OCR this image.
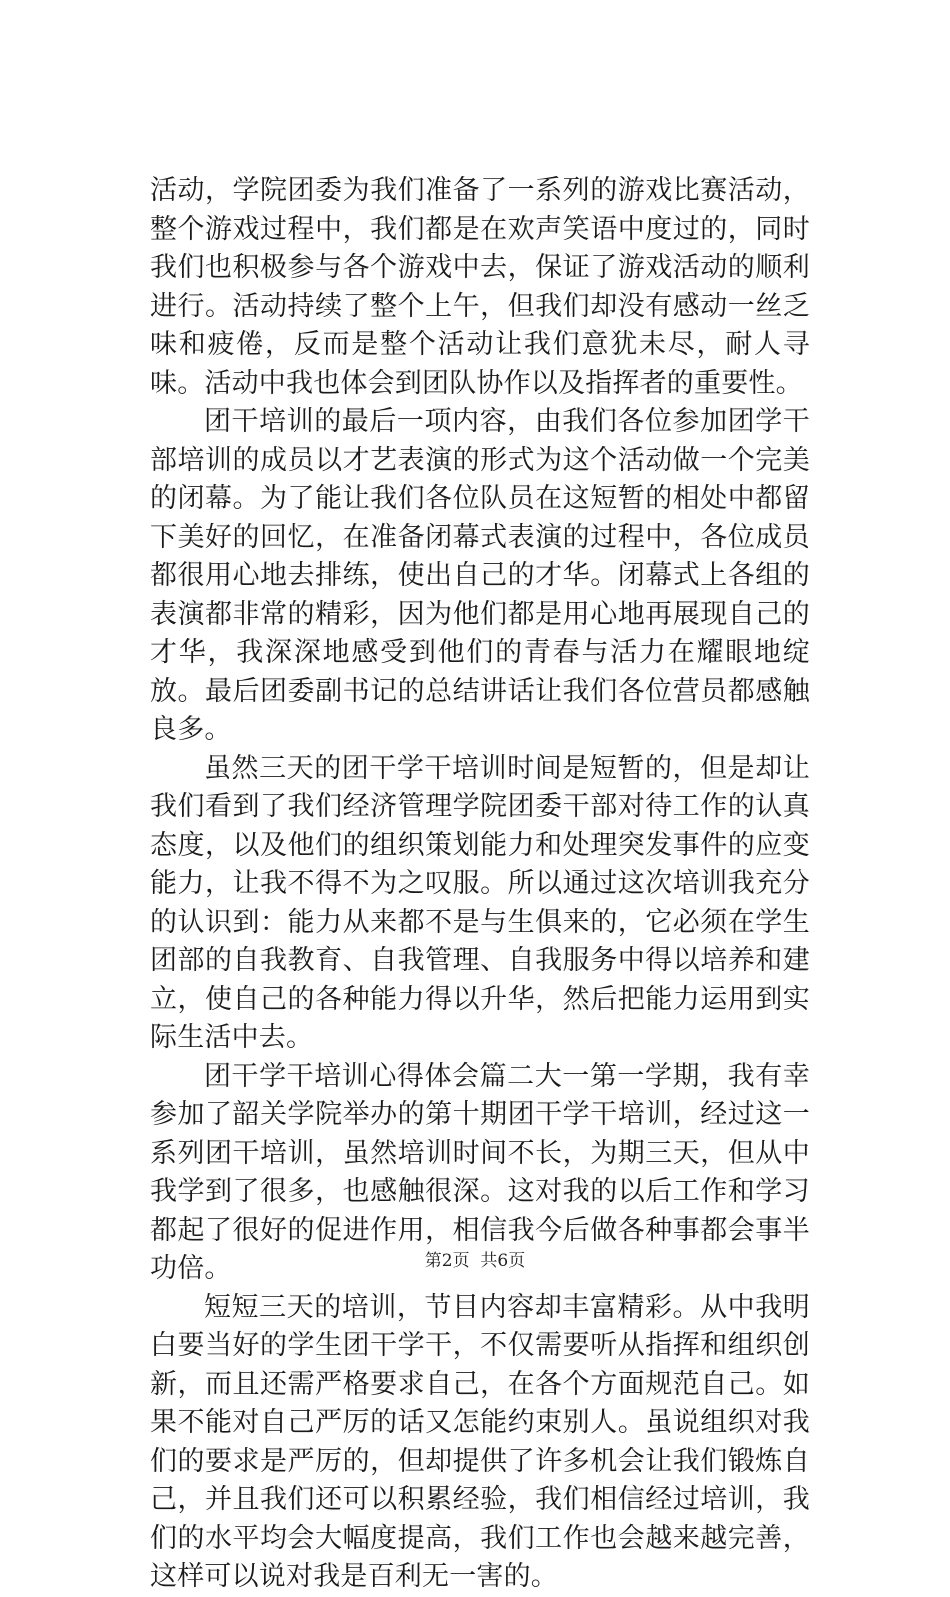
活动，学院团委为我们准备了一系列的游戏比赛活动，整个游戏过程中，我们都是在欢声笑语中度过的，同时我们也积极参与各个游戏中去，保证了游戏活动的顺利进行。活动持续了整个上午，但我们却没有感动一丝乏味和疲倦，反而是整个活动让我们意犹未尽，耐人寻味。活动中我也体会到团队协作以及指挥者的重要性。

团干培训的最后一项内容，由我们各位参加团学干部培训的成员以才艺表演的形式为这个活动做一个完美的闭幕。为了能让我们各位队员在这短暂的相处中都留下美好的回忆，在准备闭幕式表演的过程中，各位成员都很用心地去排练，使出自己的才华。闭幕式上各组的表演都非常的精彩，因为他们都是用心地再展现自己的才华，我深深地感受到他们的青春与活力在耀眼地绽放。最后团委副书记的总结讲话让我们各位营员都感触良多。

虽然三天的团干学干培训时间是短暂的，但是却让我们看到了我们经济管理学院团委干部对待工作的认真态度，以及他们的组织策划能力和处理突发事件的应变能力，让我不得不为之叹服。所以通过这次培训我充分的认识到：能力从来都不是与生俱来的，它必须在学生团部的自我教育、自我管理、自我服务中得以培养和建立，使自己的各种能力得以升华，然后把能力运用到实际生活中去。

团干学干培训心得体会篇二大一第一学期，我有幸参加了韶关学院举办的第十期团干学干培训，经过这一系列团干培训，虽然培训时间不长，为期三天，但从中我学到了很多，也感触很深。这对我的以后工作和学习都起了很好的促进作用，相信我今后做各种事都会事半功倍。

短短三天的培训，节目内容却丰富精彩。从中我明白要当好的学生团干学干，不仅需要听从指挥和组织创新，而且还需严格要求自己，在各个方面规范自己。如果不能对自己严厉的话又怎能约束别人。虽说组织对我们的要求是严厉的，但却提供了许多机会让我们锻炼自己，并且我们还可以积累经验，我们相信经过培训，我们的水平均会大幅度提高，我们工作也会越来越完善，这样可以说对我是百利无一害的。

第2页 共6页
